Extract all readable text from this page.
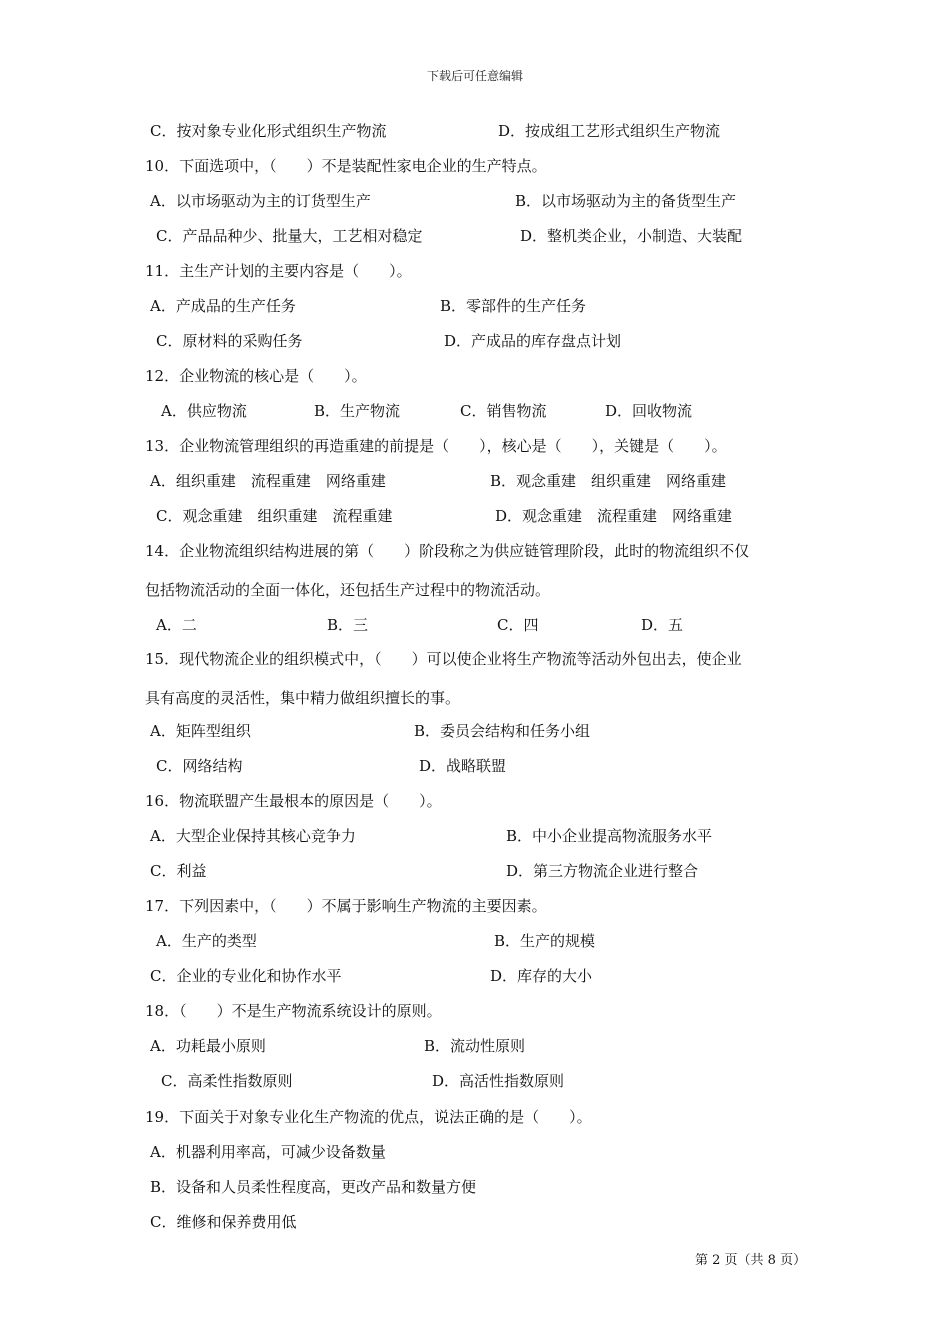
下载后可任意编辑
C．按对象专业化形式组织生产物流	D．按成组工艺形式组织生产物流
10．下面选项中，（　　）不是装配性家电企业的生产特点。
A．以市场驱动为主的订货型生产	B．以市场驱动为主的备货型生产
C．产品品种少、批量大，工艺相对稳定	D．整机类企业，小制造、大装配
11．主生产计划的主要内容是（　　）。
A．产成品的生产任务	B．零部件的生产任务
C．原材料的采购任务	D．产成品的库存盘点计划
12．企业物流的核心是（　　）。
A．供应物流	B．生产物流	C．销售物流	D．回收物流
13．企业物流管理组织的再造重建的前提是（　　），核心是（　　），关键是（　　）。
A．组织重建　流程重建　网络重建	B．观念重建　组织重建　网络重建
C．观念重建　组织重建　流程重建	D．观念重建　流程重建　网络重建
14．企业物流组织结构进展的第（　　）阶段称之为供应链管理阶段，此时的物流组织不仅
包括物流活动的全面一体化，还包括生产过程中的物流活动。
A．二	B．三	C．四	D．五
15．现代物流企业的组织模式中，（　　）可以使企业将生产物流等活动外包出去，使企业
具有高度的灵活性，集中精力做组织擅长的事。
A．矩阵型组织	B．委员会结构和任务小组
C．网络结构	D．战略联盟
16．物流联盟产生最根本的原因是（　　）。
A．大型企业保持其核心竞争力	B．中小企业提高物流服务水平
C．利益	D．第三方物流企业进行整合
17．下列因素中，（　　）不属于影响生产物流的主要因素。
A．生产的类型	B．生产的规模
C．企业的专业化和协作水平	D．库存的大小
18．（　　）不是生产物流系统设计的原则。
A．功耗最小原则	B．流动性原则
C．高柔性指数原则	D．高活性指数原则
19．下面关于对象专业化生产物流的优点，说法正确的是（　　）。
A．机器利用率高，可减少设备数量
B．设备和人员柔性程度高，更改产品和数量方便
C．维修和保养费用低
第 2 页（共 8 页）
